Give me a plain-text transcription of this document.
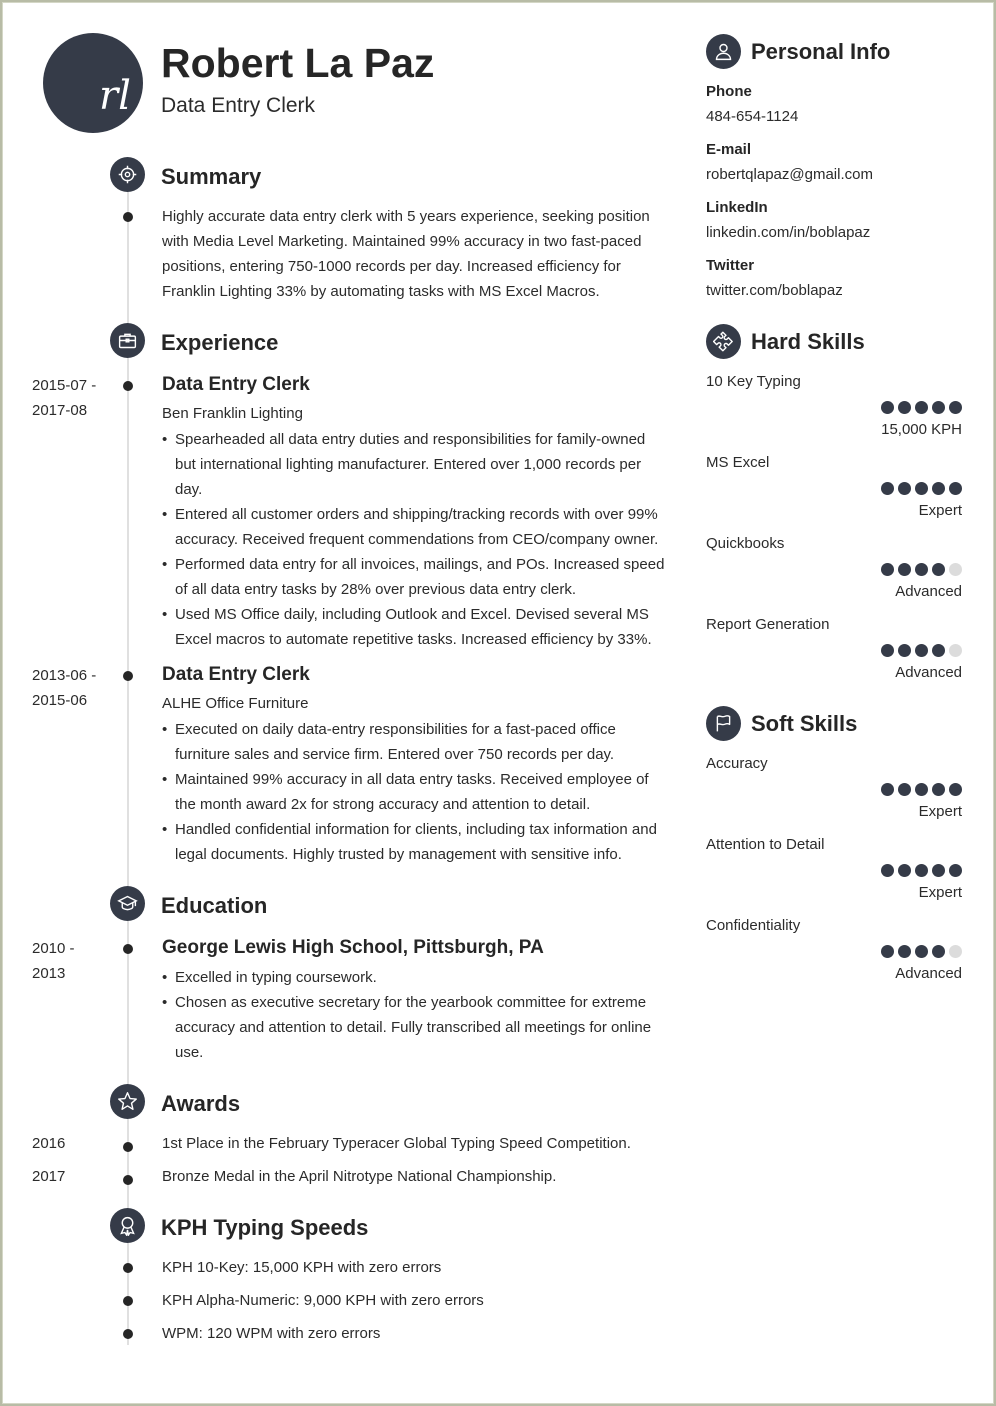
rl
Robert La Paz
Data Entry Clerk
Summary
Highly accurate data entry clerk with 5 years experience, seeking position with Media Level Marketing. Maintained 99% accuracy in two fast-paced positions, entering 750-1000 records per day. Increased efficiency for Franklin Lighting 33% by automating tasks with MS Excel Macros.
Experience
2015-07 -
2017-08
Data Entry Clerk
Ben Franklin Lighting
• Spearheaded all data entry duties and responsibilities for family-owned but international lighting manufacturer. Entered over 1,000 records per day.
• Entered all customer orders and shipping/tracking records with over 99% accuracy. Received frequent commendations from CEO/company owner.
• Performed data entry for all invoices, mailings, and POs. Increased speed of all data entry tasks by 28% over previous data entry clerk.
• Used MS Office daily, including Outlook and Excel. Devised several MS Excel macros to automate repetitive tasks. Increased efficiency by 33%.
2013-06 -
2015-06
Data Entry Clerk
ALHE Office Furniture
• Executed on daily data-entry responsibilities for a fast-paced office furniture sales and service firm. Entered over 750 records per day.
• Maintained 99% accuracy in all data entry tasks. Received employee of the month award 2x for strong accuracy and attention to detail.
• Handled confidential information for clients, including tax information and legal documents. Highly trusted by management with sensitive info.
Education
2010 -
2013
George Lewis High School, Pittsburgh, PA
• Excelled in typing coursework.
• Chosen as executive secretary for the yearbook committee for extreme accuracy and attention to detail. Fully transcribed all meetings for online use.
Awards
2016	1st Place in the February Typeracer Global Typing Speed Competition.
2017	Bronze Medal in the April Nitrotype National Championship.
KPH Typing Speeds
KPH 10-Key: 15,000 KPH with zero errors
KPH Alpha-Numeric: 9,000 KPH with zero errors
WPM: 120 WPM with zero errors
Personal Info
Phone
484-654-1124
E-mail
robertqlapaz@gmail.com
LinkedIn
linkedin.com/in/boblapaz
Twitter
twitter.com/boblapaz
Hard Skills
10 Key Typing
15,000 KPH
MS Excel
Expert
Quickbooks
Advanced
Report Generation
Advanced
Soft Skills
Accuracy
Expert
Attention to Detail
Expert
Confidentiality
Advanced
